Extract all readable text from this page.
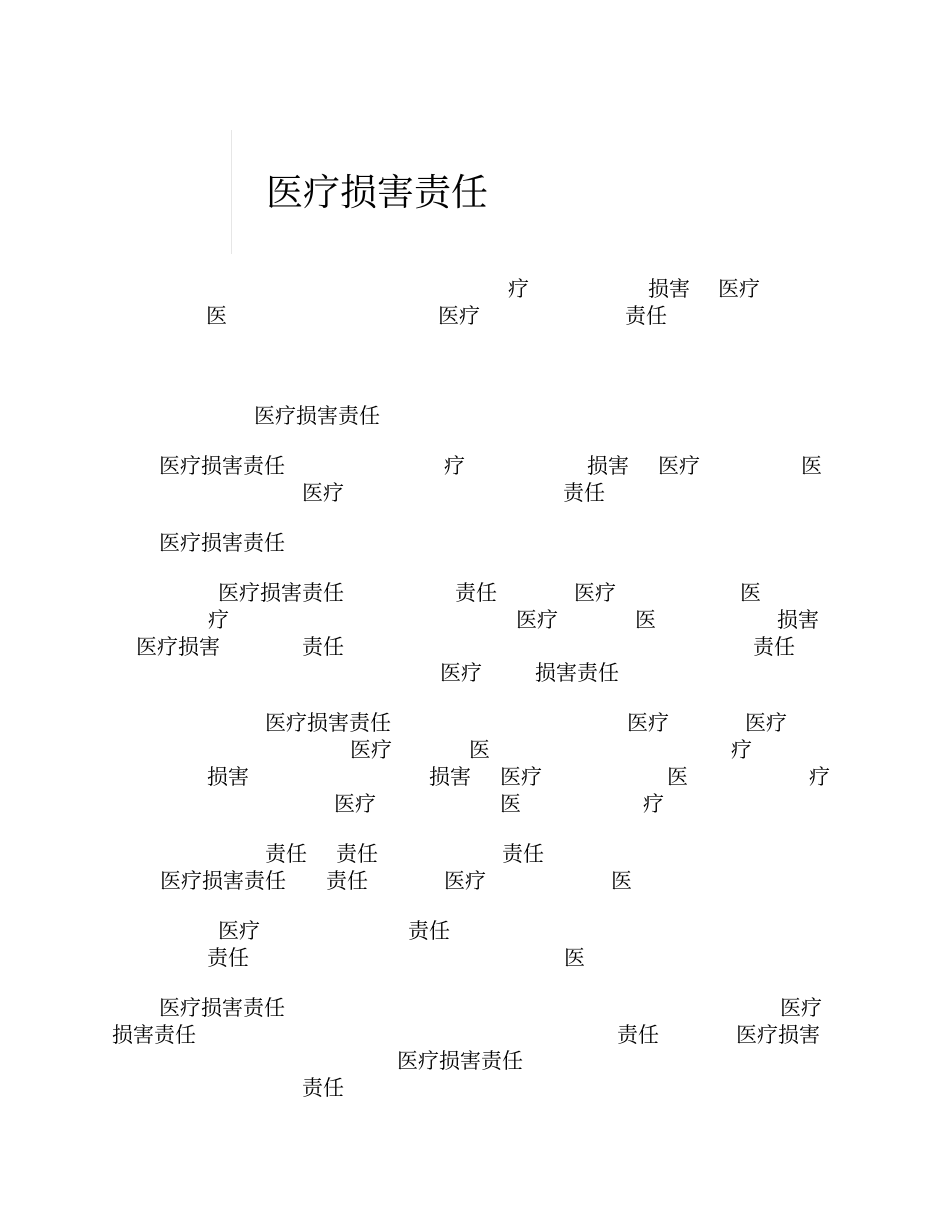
医疗损害责任
疗	损害 医疗
医	医疗	责任
医疗损害责任
医疗损害责任	疗	损害 医疗	医
医疗	责任
医疗损害责任
医疗损害责任	责任	医疗	医
疗	医疗	医	损害
医疗损害	责任	责任
医疗	损害责任
医疗损害责任	医疗	医疗
医疗	医	疗
损害	损害 医疗	医	疗
医疗	医	疗
责任 责任	责任
医疗损害责任 责任	医疗	医
医疗	责任
责任	医
医疗损害责任	医疗
损害责任	责任	医疗损害
医疗损害责任
责任
